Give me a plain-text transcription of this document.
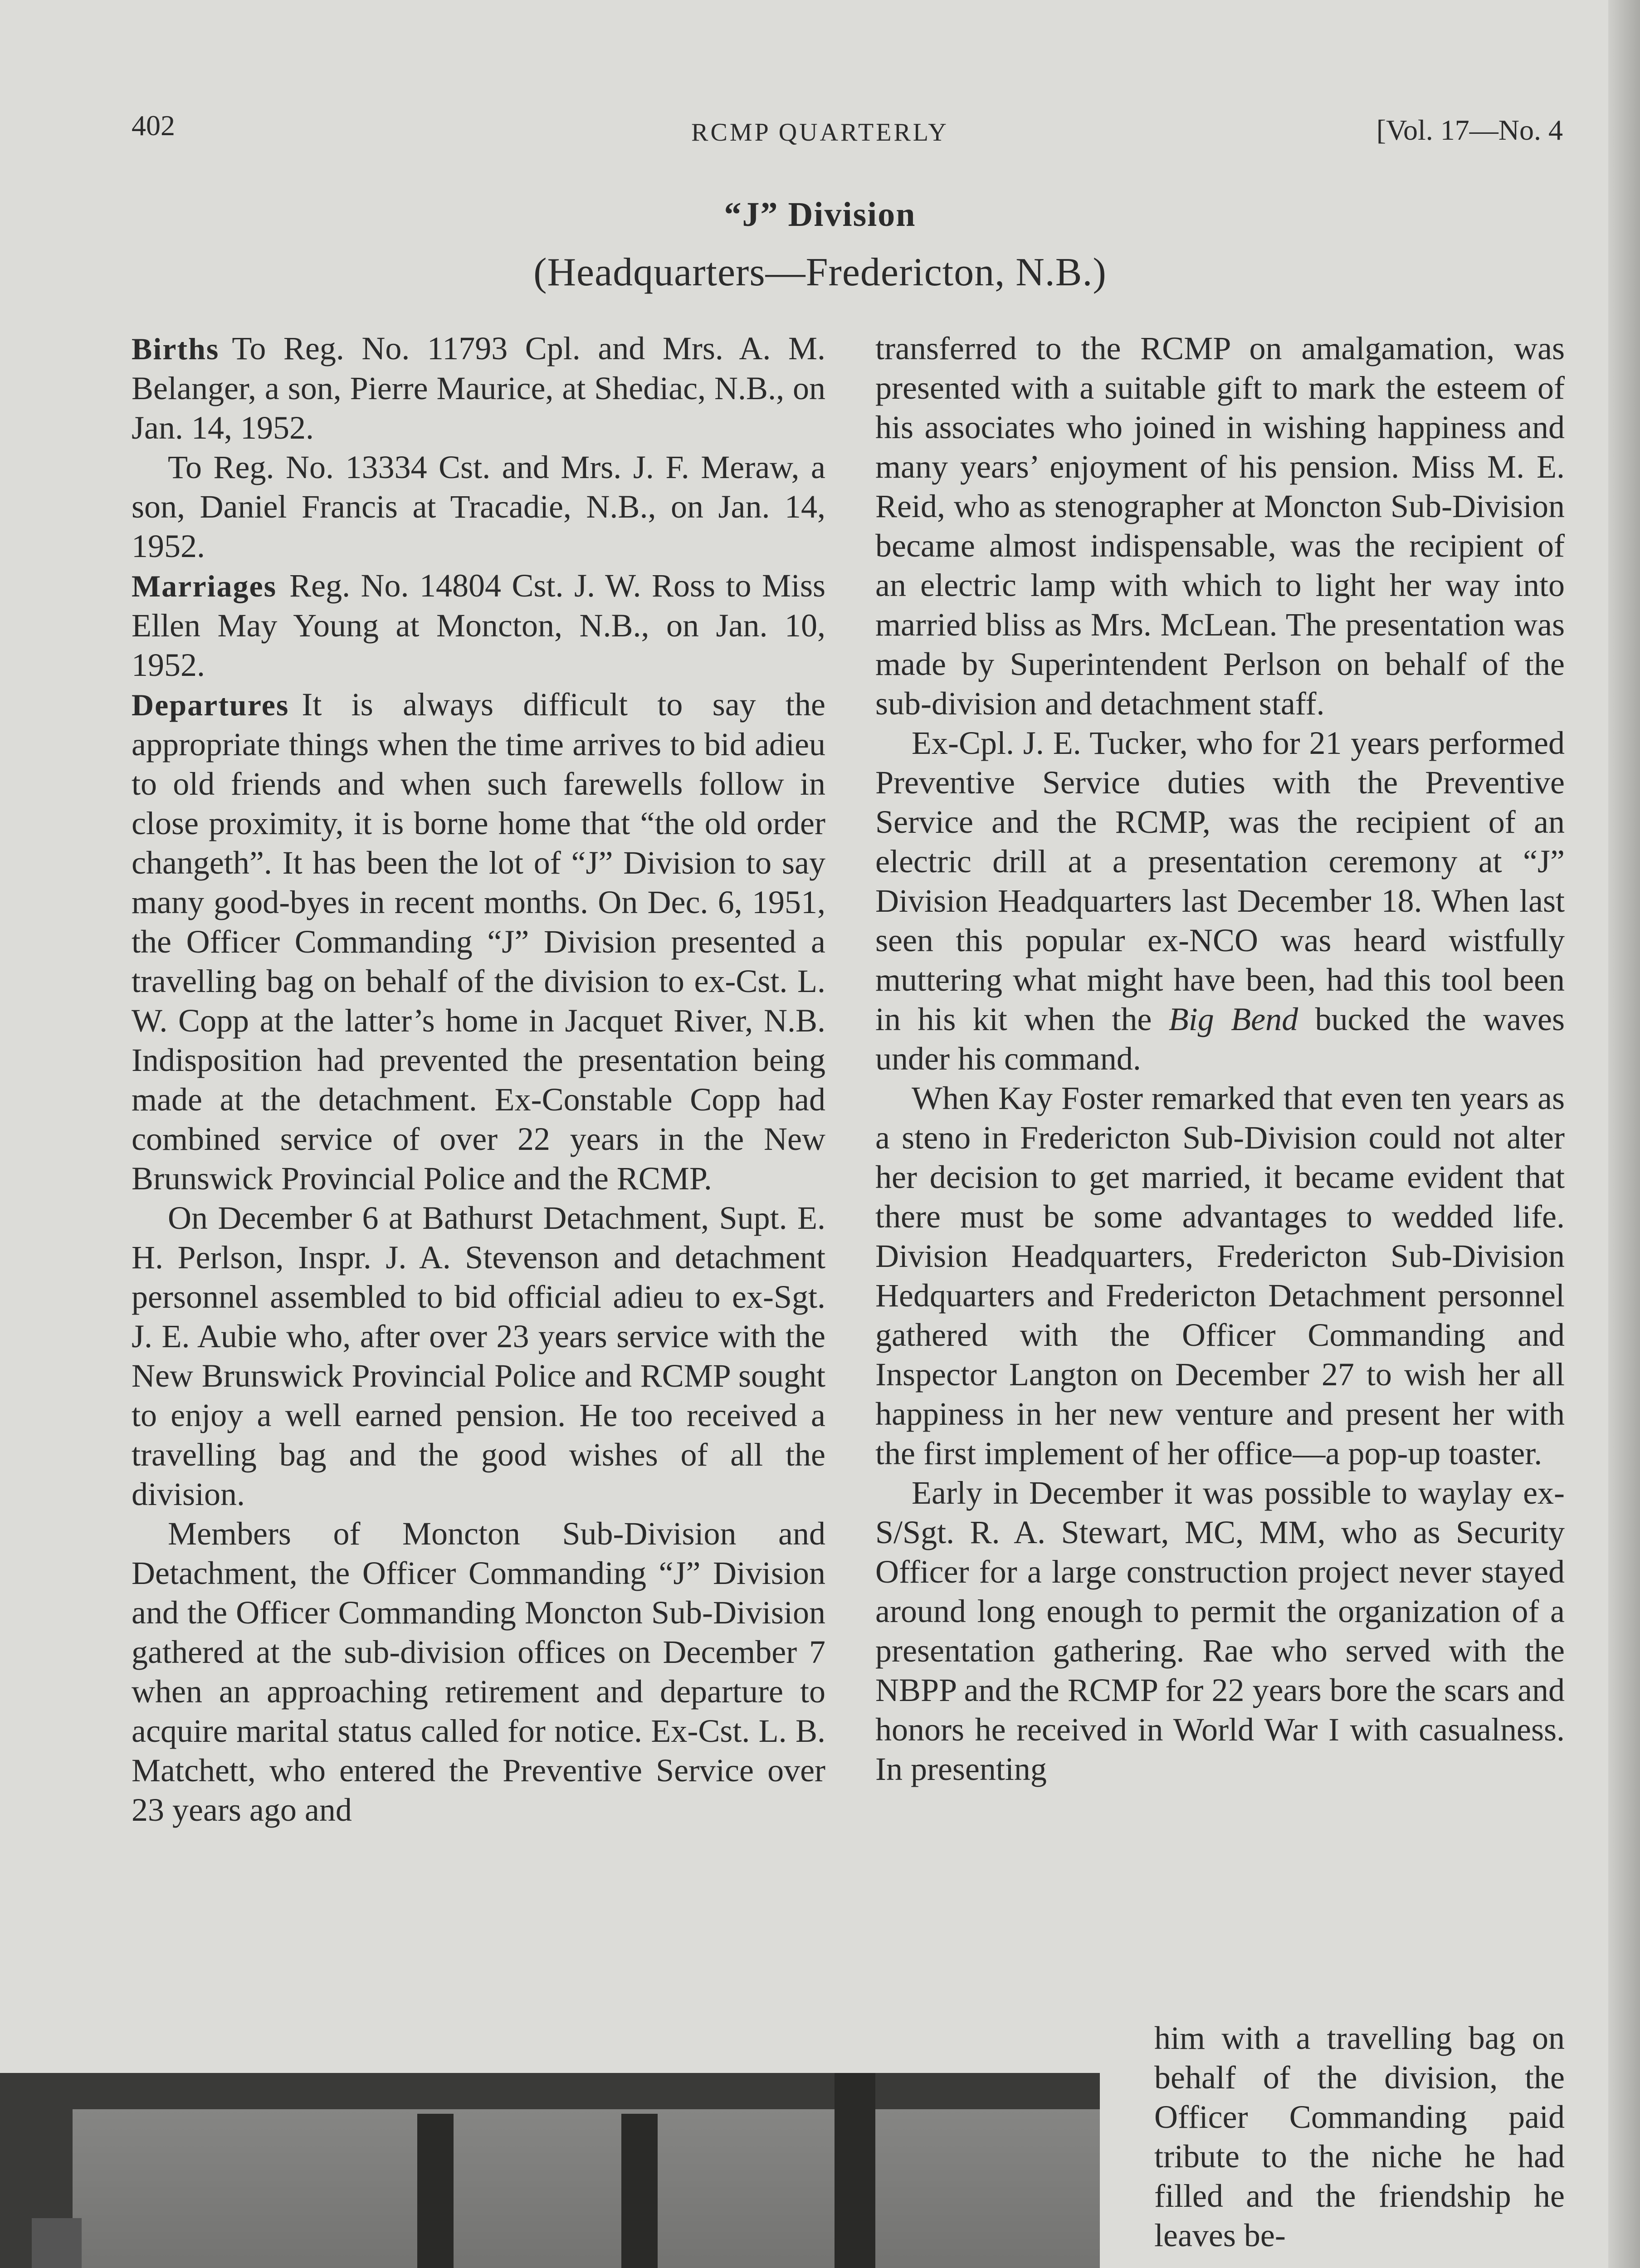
402	RCMP QUARTERLY	[Vol. 17—No. 4
“J” Division
(Headquarters—Fredericton, N.B.)

Births To Reg. No. 11793 Cpl. and Mrs. A. M. Belanger, a son, Pierre Maurice, at Shediac, N.B., on Jan. 14, 1952.

To Reg. No. 13334 Cst. and Mrs. J. F. Meraw, a son, Daniel Francis at Tracadie, N.B., on Jan. 14, 1952.

Marriages Reg. No. 14804 Cst. J. W. Ross to Miss Ellen May Young at Moncton, N.B., on Jan. 10, 1952.

Departures It is always difficult to say the appropriate things when the time arrives to bid adieu to old friends and when such farewells follow in close proximity, it is borne home that “the old order changeth”. It has been the lot of “J” Division to say many good-byes in recent months. On Dec. 6, 1951, the Officer Commanding “J” Division presented a travelling bag on behalf of the division to ex-Cst. L. W. Copp at the latter’s home in Jacquet River, N.B. Indisposition had prevented the presentation being made at the detachment. Ex-Constable Copp had combined service of over 22 years in the New Brunswick Provincial Police and the RCMP.

On December 6 at Bathurst Detachment, Supt. E. H. Perlson, Inspr. J. A. Stevenson and detachment personnel assembled to bid official adieu to ex-Sgt. J. E. Aubie who, after over 23 years service with the New Brunswick Provincial Police and RCMP sought to enjoy a well earned pension. He too received a travelling bag and the good wishes of all the division.

Members of Moncton Sub-Division and Detachment, the Officer Commanding “J” Division and the Officer Commanding Moncton Sub-Division gathered at the sub-division offices on December 7 when an approaching retirement and departure to acquire marital status called for notice. Ex-Cst. L. B. Matchett, who entered the Preventive Service over 23 years ago and

transferred to the RCMP on amalgamation, was presented with a suitable gift to mark the esteem of his associates who joined in wishing happiness and many years’ enjoyment of his pension. Miss M. E. Reid, who as stenographer at Moncton Sub-Division became almost indispensable, was the recipient of an electric lamp with which to light her way into married bliss as Mrs. McLean. The presentation was made by Superintendent Perlson on behalf of the sub-division and detachment staff.

Ex-Cpl. J. E. Tucker, who for 21 years performed Preventive Service duties with the Preventive Service and the RCMP, was the recipient of an electric drill at a presentation ceremony at “J” Division Headquarters last December 18. When last seen this popular ex-NCO was heard wistfully muttering what might have been, had this tool been in his kit when the Big Bend bucked the waves under his command.

When Kay Foster remarked that even ten years as a steno in Fredericton Sub-Division could not alter her decision to get married, it became evident that there must be some advantages to wedded life. Division Headquarters, Fredericton Sub-Division Hedquarters and Fredericton Detachment personnel gathered with the Officer Commanding and Inspector Langton on December 27 to wish her all happiness in her new venture and present her with the first implement of her office—a pop-up toaster.

Early in December it was possible to waylay ex-S/Sgt. R. A. Stewart, MC, MM, who as Security Officer for a large construction project never stayed around long enough to permit the organization of a presentation gathering. Rae who served with the NBPP and the RCMP for 22 years bore the scars and honors he received in World War I with casualness. In presenting

him with a travelling bag on behalf of the division, the Officer Commanding paid tribute to the niche he had filled and the friendship he leaves be-
